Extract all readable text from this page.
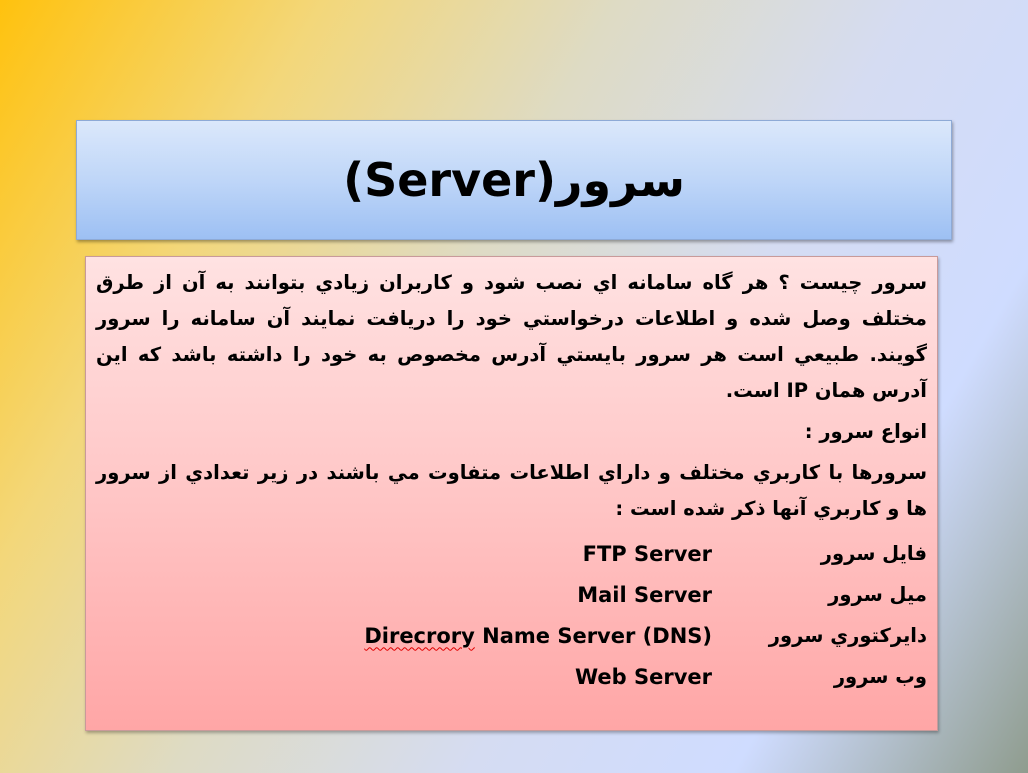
سرور(Server)

سرور چيست ؟ هر گاه سامانه اي نصب شود و كاربران زيادي بتوانند به آن از طرق مختلف وصل شده و اطلاعات درخواستي خود را دريافت نمايند آن سامانه را سرور گويند. طبيعي است هر سرور بايستي آدرس مخصوص به خود را داشته باشد كه اين آدرس همان IP است.

انواع سرور :

سرورها با كاربري مختلف و داراي اطلاعات متفاوت مي باشند در زير تعدادي از سرور ها و كاربري آنها ذكر شده است :

فايل سرور
FTP Server
ميل سرور
Mail Server
دايركتوري سرور
Direcrory Name Server (DNS)
وب سرور
Web Server
